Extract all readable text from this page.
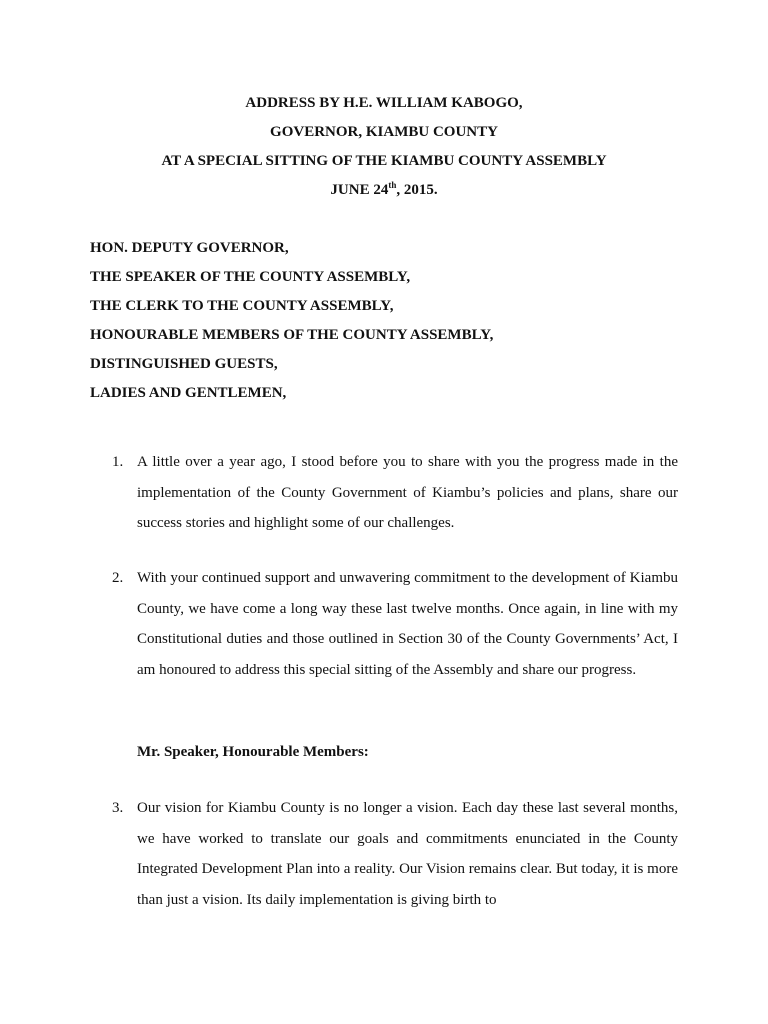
ADDRESS BY H.E. WILLIAM KABOGO,
GOVERNOR, KIAMBU COUNTY
AT A SPECIAL SITTING OF THE KIAMBU COUNTY ASSEMBLY
JUNE 24th, 2015.
HON. DEPUTY GOVERNOR,
THE SPEAKER OF THE COUNTY ASSEMBLY,
THE CLERK TO THE COUNTY ASSEMBLY,
HONOURABLE MEMBERS OF THE COUNTY ASSEMBLY,
DISTINGUISHED GUESTS,
LADIES AND GENTLEMEN,
1. A little over a year ago, I stood before you to share with you the progress made in the implementation of the County Government of Kiambu’s policies and plans, share our success stories and highlight some of our challenges.
2. With your continued support and unwavering commitment to the development of Kiambu County, we have come a long way these last twelve months. Once again, in line with my Constitutional duties and those outlined in Section 30 of the County Governments’ Act, I am honoured to address this special sitting of the Assembly and share our progress.
Mr. Speaker, Honourable Members:
3. Our vision for Kiambu County is no longer a vision. Each day these last several months, we have worked to translate our goals and commitments enunciated in the County Integrated Development Plan into a reality. Our Vision remains clear. But today, it is more than just a vision. Its daily implementation is giving birth to
